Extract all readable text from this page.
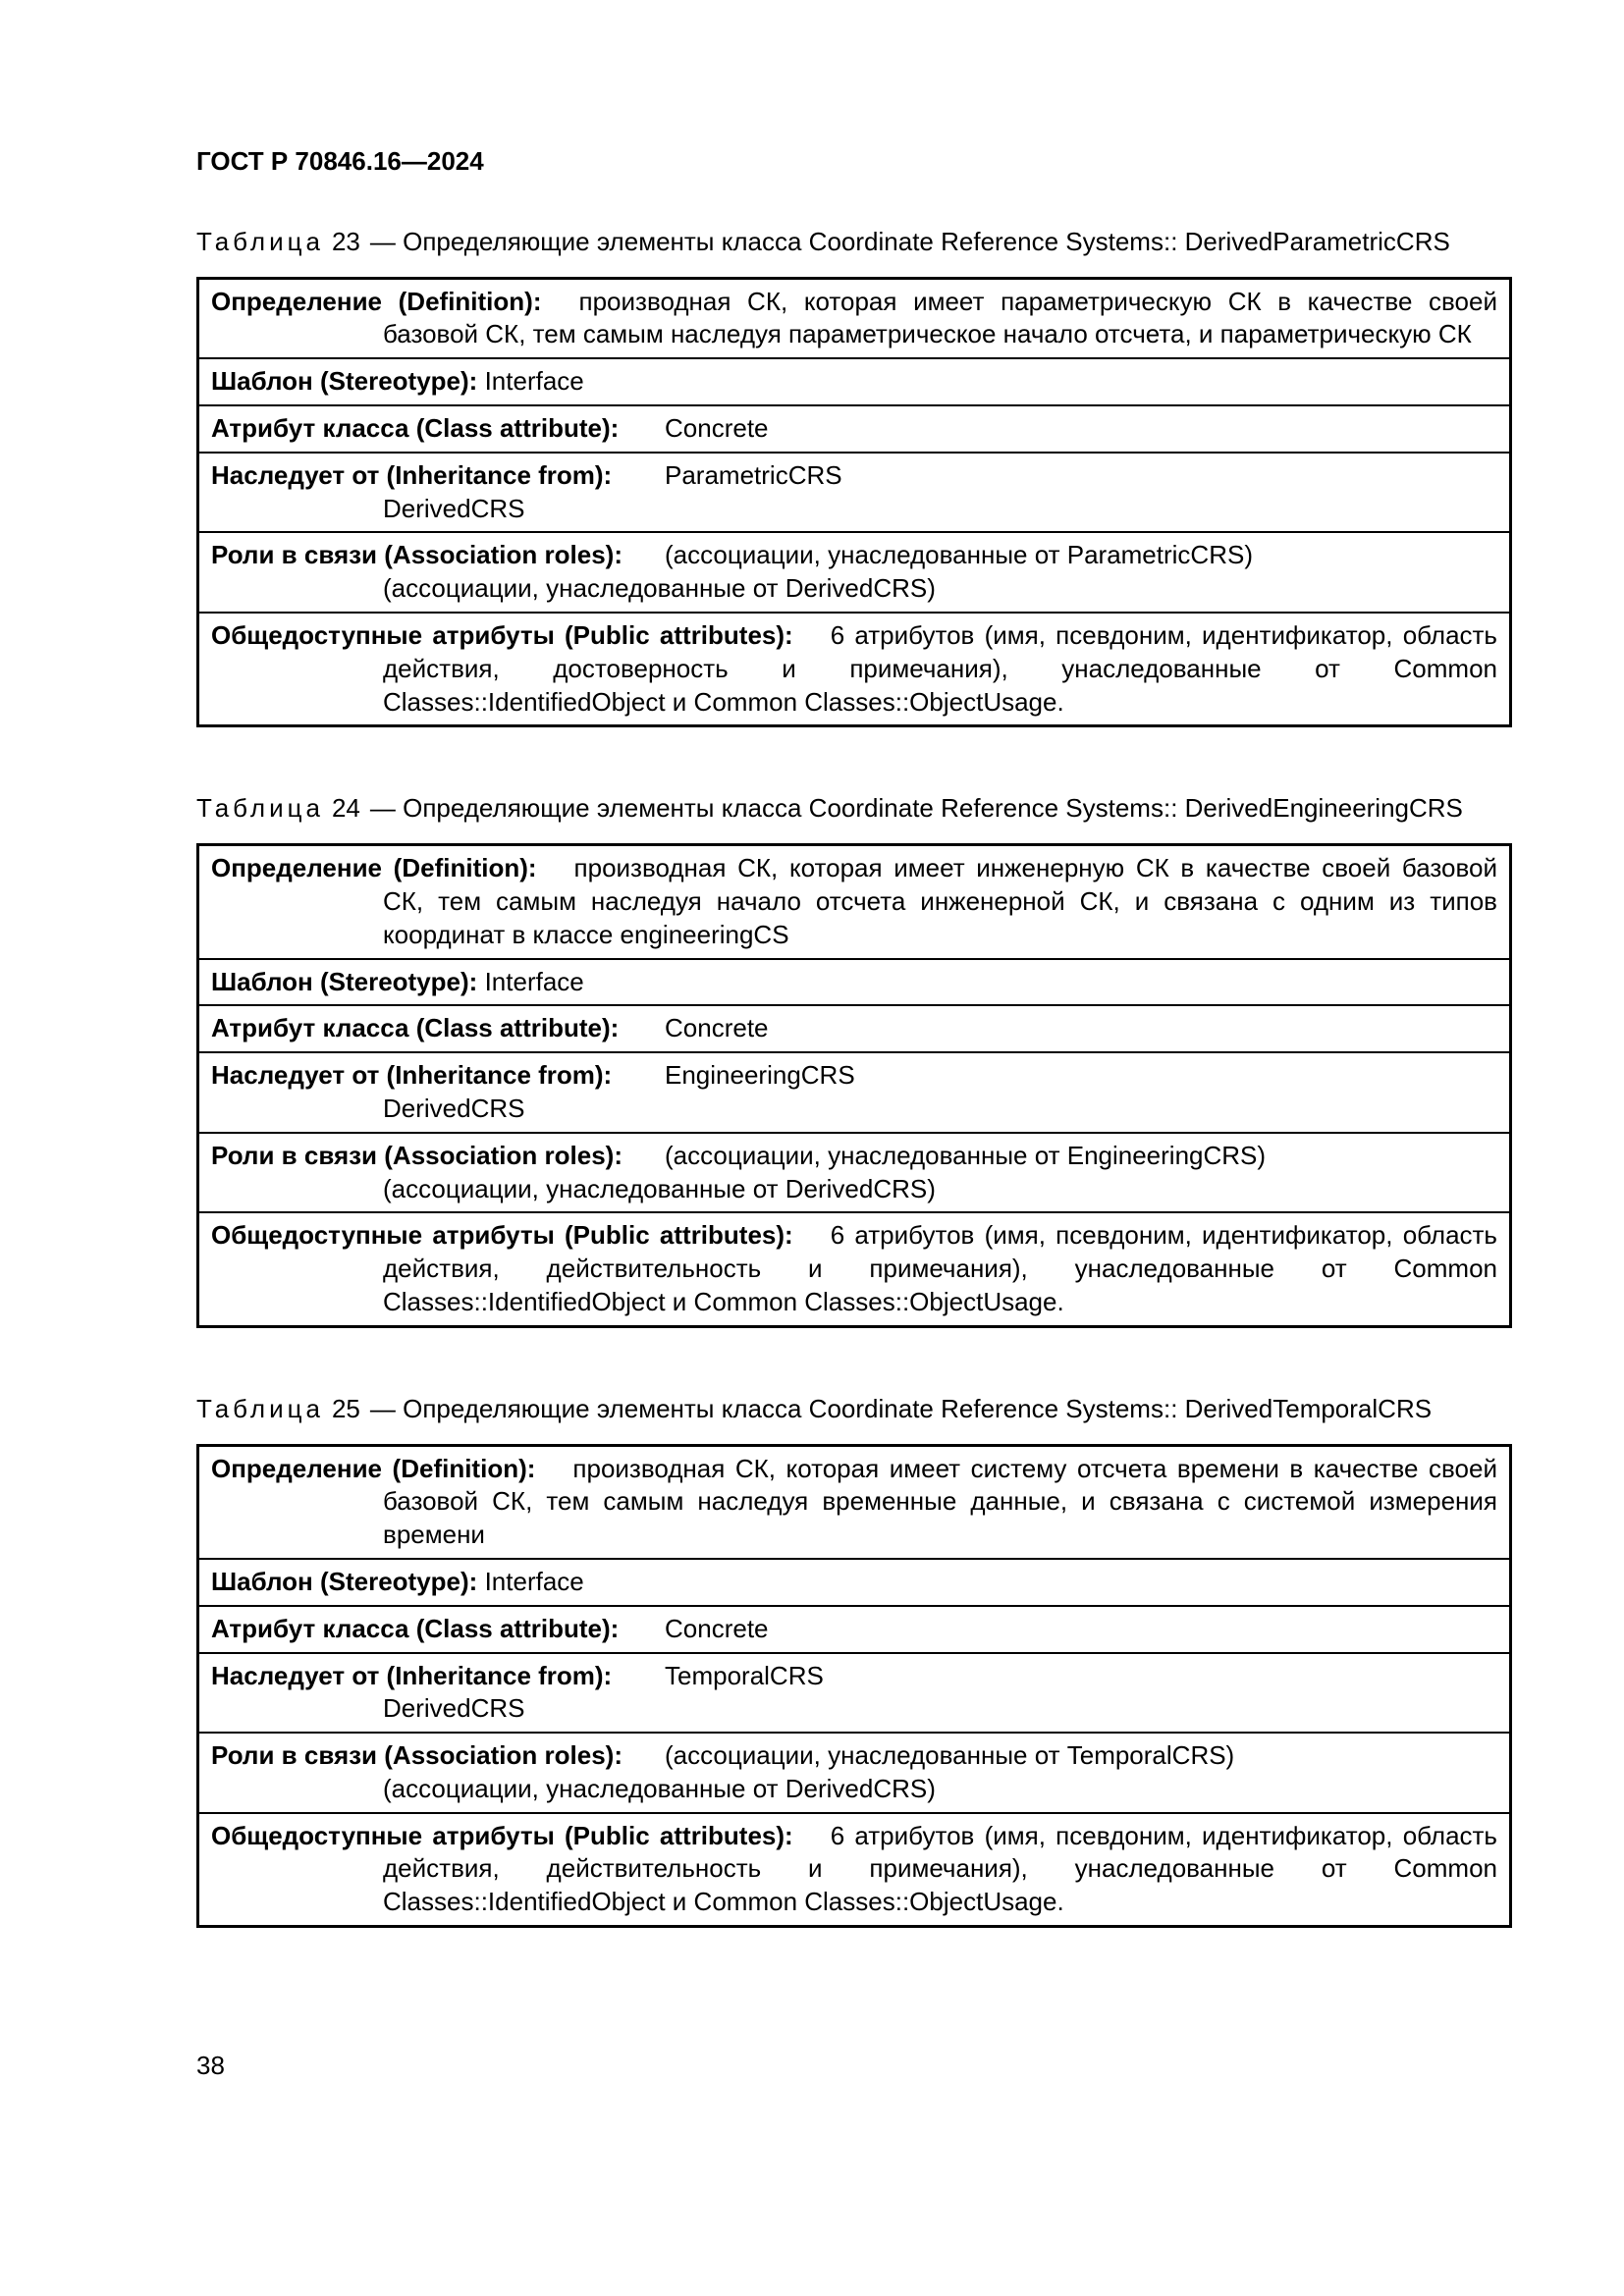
ГОСТ Р 70846.16—2024

Таблица 23 — Определяющие элементы класса Coordinate Reference Systems:: DerivedParametricCRS

Определение (Definition): производная СК, которая имеет параметрическую СК в качестве своей базовой СК, тем самым наследуя параметрическое начало отсчета, и параметрическую СК

Шаблон (Stereotype): Interface

Атрибут класса (Class attribute): Concrete

Наследует от (Inheritance from): ParametricCRS

DerivedCRS

Роли в связи (Association roles): (ассоциации, унаследованные от ParametricCRS)

(ассоциации, унаследованные от DerivedCRS)

Общедоступные атрибуты (Public attributes): 6 атрибутов (имя, псевдоним, идентификатор, область действия, достоверность и примечания), унаследованные от Common Classes::IdentifiedObject и Common Classes::ObjectUsage.

Таблица 24 — Определяющие элементы класса Coordinate Reference Systems:: DerivedEngineeringCRS

Определение (Definition): производная СК, которая имеет инженерную СК в качестве своей базовой СК, тем самым наследуя начало отсчета инженерной СК, и связана с одним из типов координат в классе engineeringCS

Шаблон (Stereotype): Interface

Атрибут класса (Class attribute): Concrete

Наследует от (Inheritance from): EngineeringCRS

DerivedCRS

Роли в связи (Association roles): (ассоциации, унаследованные от EngineeringCRS)

(ассоциации, унаследованные от DerivedCRS)

Общедоступные атрибуты (Public attributes): 6 атрибутов (имя, псевдоним, идентификатор, область действия, действительность и примечания), унаследованные от Common Classes::IdentifiedObject и Common Classes::ObjectUsage.

Таблица 25 — Определяющие элементы класса Coordinate Reference Systems:: DerivedTemporalCRS

Определение (Definition): производная СК, которая имеет систему отсчета времени в качестве своей базовой СК, тем самым наследуя временные данные, и связана с системой измерения времени

Шаблон (Stereotype): Interface

Атрибут класса (Class attribute): Concrete

Наследует от (Inheritance from): TemporalCRS

DerivedCRS

Роли в связи (Association roles): (ассоциации, унаследованные от TemporalCRS)

(ассоциации, унаследованные от DerivedCRS)

Общедоступные атрибуты (Public attributes): 6 атрибутов (имя, псевдоним, идентификатор, область действия, действительность и примечания), унаследованные от Common Classes::IdentifiedObject и Common Classes::ObjectUsage.

38
